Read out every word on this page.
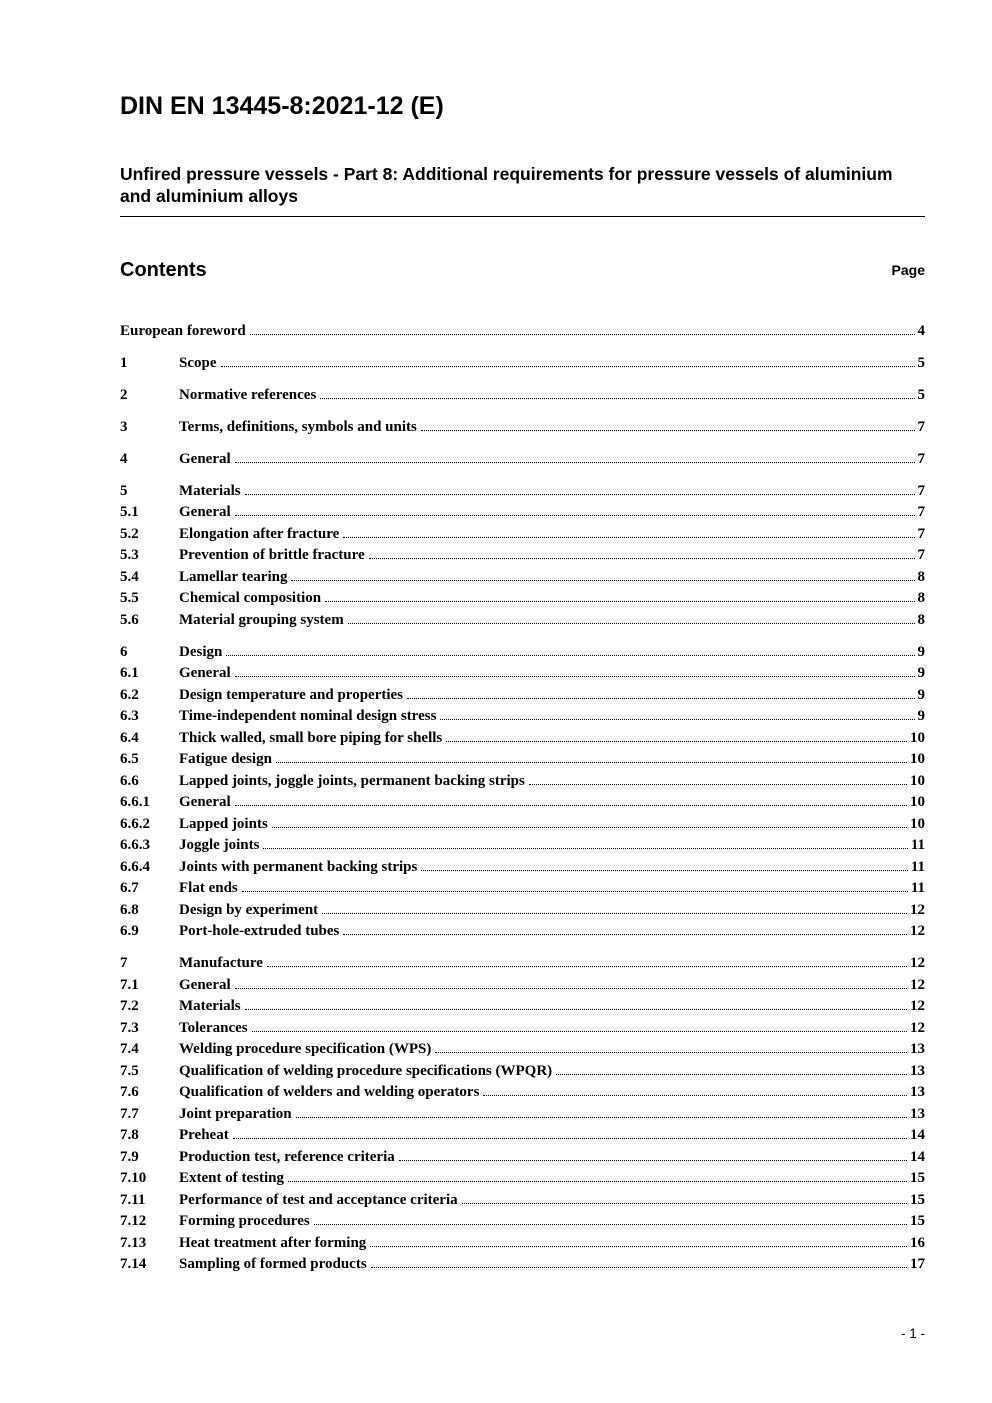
DIN EN 13445-8:2021-12 (E)
Unfired pressure vessels - Part 8: Additional requirements for pressure vessels of aluminium and aluminium alloys
Contents	Page
European foreword	4
1	Scope	5
2	Normative references	5
3	Terms, definitions, symbols and units	7
4	General	7
5	Materials	7
5.1	General	7
5.2	Elongation after fracture	7
5.3	Prevention of brittle fracture	7
5.4	Lamellar tearing	8
5.5	Chemical composition	8
5.6	Material grouping system	8
6	Design	9
6.1	General	9
6.2	Design temperature and properties	9
6.3	Time-independent nominal design stress	9
6.4	Thick walled, small bore piping for shells	10
6.5	Fatigue design	10
6.6	Lapped joints, joggle joints, permanent backing strips	10
6.6.1	General	10
6.6.2	Lapped joints	10
6.6.3	Joggle joints	11
6.6.4	Joints with permanent backing strips	11
6.7	Flat ends	11
6.8	Design by experiment	12
6.9	Port-hole-extruded tubes	12
7	Manufacture	12
7.1	General	12
7.2	Materials	12
7.3	Tolerances	12
7.4	Welding procedure specification (WPS)	13
7.5	Qualification of welding procedure specifications (WPQR)	13
7.6	Qualification of welders and welding operators	13
7.7	Joint preparation	13
7.8	Preheat	14
7.9	Production test, reference criteria	14
7.10	Extent of testing	15
7.11	Performance of test and acceptance criteria	15
7.12	Forming procedures	15
7.13	Heat treatment after forming	16
7.14	Sampling of formed products	17
- 1 -
